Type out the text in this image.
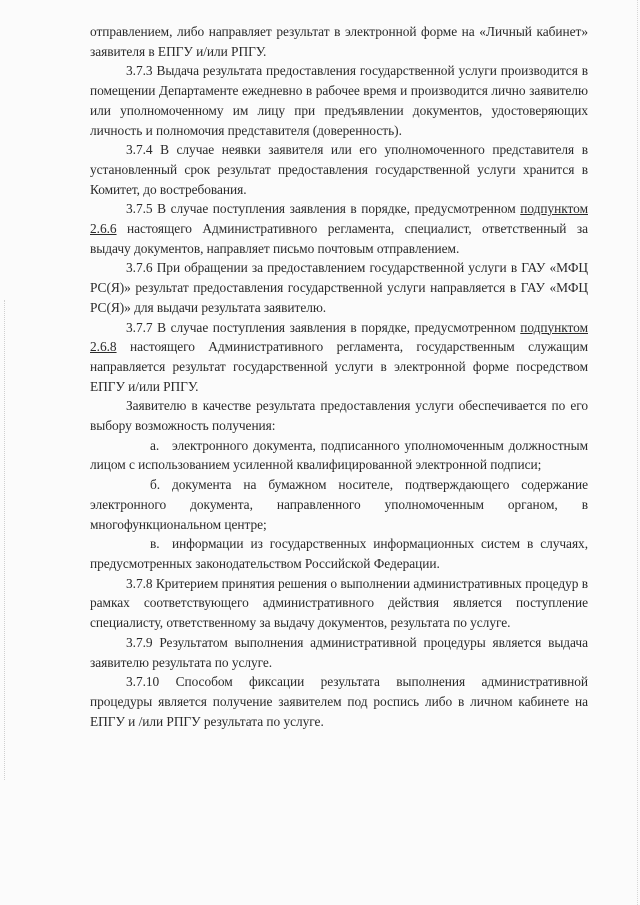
отправлением, либо направляет результат в электронной форме на «Личный кабинет» заявителя в ЕПГУ и/или РПГУ.

3.7.3 Выдача результата предоставления государственной услуги производится в помещении Департаменте ежедневно в рабочее время и производится лично заявителю или уполномоченному им лицу при предъявлении документов, удостоверяющих личность и полномочия представителя (доверенность).

3.7.4 В случае неявки заявителя или его уполномоченного представителя в установленный срок результат предоставления государственной услуги хранится в Комитет, до востребования.

3.7.5 В случае поступления заявления в порядке, предусмотренном подпунктом 2.6.6 настоящего Административного регламента, специалист, ответственный за выдачу документов, направляет письмо почтовым отправлением.

3.7.6 При обращении за предоставлением государственной услуги в ГАУ «МФЦ РС(Я)» результат предоставления государственной услуги направляется в ГАУ «МФЦ РС(Я)» для выдачи результата заявителю.

3.7.7 В случае поступления заявления в порядке, предусмотренном подпунктом 2.6.8 настоящего Административного регламента, государственным служащим направляется результат государственной услуги в электронной форме посредством ЕПГУ и/или РПГУ.

Заявителю в качестве результата предоставления услуги обеспечивается по его выбору возможность получения:

а. электронного документа, подписанного уполномоченным должностным лицом с использованием усиленной квалифицированной электронной подписи;

б. документа на бумажном носителе, подтверждающего содержание электронного документа, направленного уполномоченным органом, в многофункциональном центре;

в. информации из государственных информационных систем в случаях, предусмотренных законодательством Российской Федерации.

3.7.8 Критерием принятия решения о выполнении административных процедур в рамках соответствующего административного действия является поступление специалисту, ответственному за выдачу документов, результата по услуге.

3.7.9 Результатом выполнения административной процедуры является выдача заявителю результата по услуге.

3.7.10 Способом фиксации результата выполнения административной процедуры является получение заявителем под роспись либо в личном кабинете на ЕПГУ и /или РПГУ результата по услуге.
